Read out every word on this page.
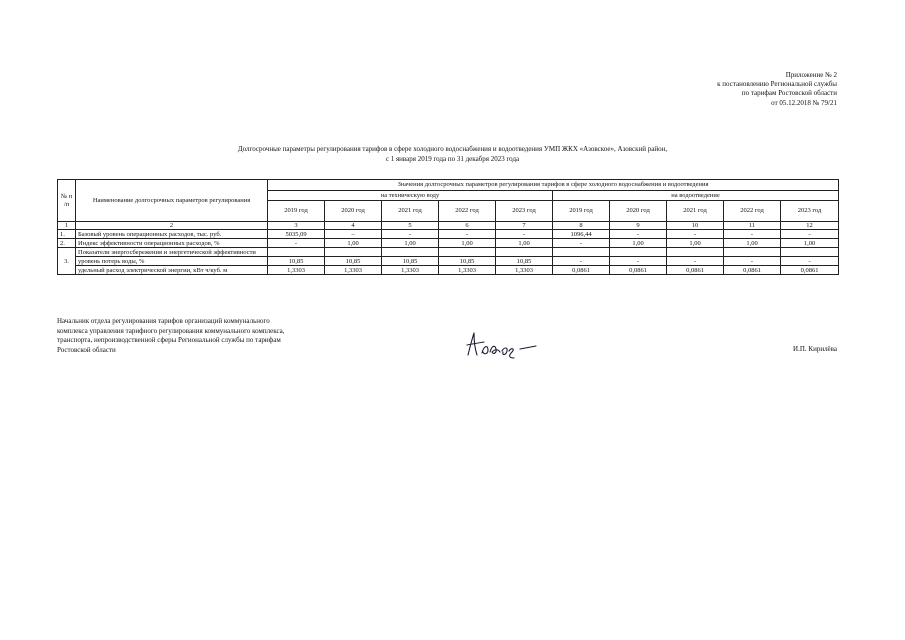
Приложение № 2
к постановлению Региональной службы
по тарифам Ростовской области
от 05.12.2018 № 79/21
Долгосрочные параметры регулирования тарифов в сфере холодного водоснабжения и водоотведения УМП ЖКХ «Азовское», Азовский район,
с 1 января 2019 года по 31 декабря 2023 года
№ п /п	Наименование долгосрочных параметров регулирования	Значения долгосрочных параметров регулирования тарифов в сфере холодного водоснабжения и водоотведения									
		на техническую воду					на водоотведение				
		2019 год	2020 год	2021 год	2022 год	2023 год	2019 год	2020 год	2021 год	2022 год	2023 год
1	2	3	4	5	6	7	8	9	10	11	12
1.	Базовый уровень операционных расходов, тыс. руб.	5035,09	–	-	-	-	1096,44	-	-	-	-
2.	Индекс эффективности операционных расходов, %	-	1,00	1,00	1,00	1,00	-	1,00	1,00	1,00	1,00
3.	Показатели энергосбережения и энергетической эффективности										
	уровень потерь воды, %	10,85	10,85	10,85	10,85	10,85	-	-	-	-	-
	удельный расход электрической энергии, кВт ч/куб. м	1,3303	1,3303	1,3303	1,3303	1,3303	0,0861	0,0861	0,0861	0,0861	0,0861
Начальник отдела регулирования тарифов организаций коммунального
комплекса управления тарифного регулирования коммунального комплекса,
транспорта, непроизводственной сферы Региональной службы по тарифам
Ростовской области	И.П. Кирилёва
